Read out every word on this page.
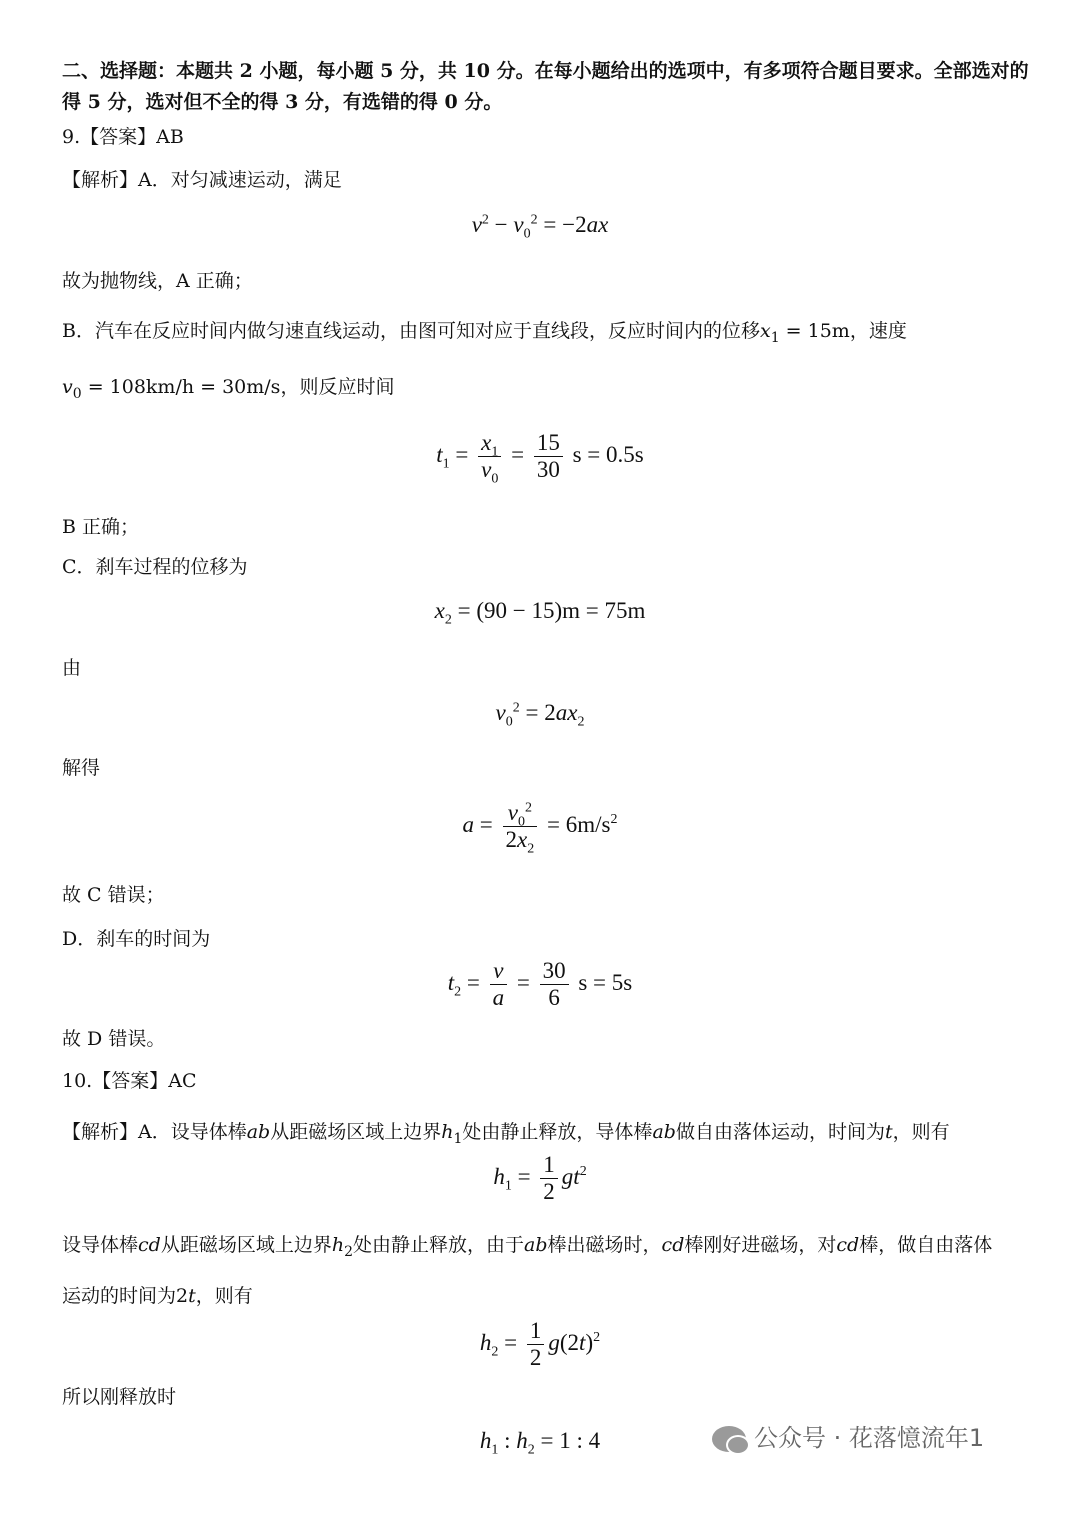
二、选择题：本题共 2 小题，每小题 5 分，共 10 分。在每小题给出的选项中，有多项符合题目要求。全部选对的
得 5 分，选对但不全的得 3 分，有选错的得 0 分。
9.【答案】AB
【解析】A．对匀减速运动，满足
$v^2 - v_0^2 = -2ax$
故为抛物线，A 正确；
B．汽车在反应时间内做匀速直线运动，由图可知对应于直线段，反应时间内的位移$x_1 = 15m$，速度
$v_0 = 108km/h = 30m/s$，则反应时间
$t_1 = \frac{x_1}{v_0} = \frac{15}{30}$ s = 0.5s
B 正确；
C．刹车过程的位移为
$x_2 = (90 - 15)m = 75m$
由
$v_0^2 = 2ax_2$
解得
$a = \frac{v_0^2}{2x_2} = 6m/s^2$
故 C 错误；
D．刹车的时间为
$t_2 = \frac{v}{a} = \frac{30}{6}$ s = 5s
故 D 错误。
10.【答案】AC
【解析】A．设导体棒ab从距磁场区域上边界$h_1$处由静止释放，导体棒ab做自由落体运动，时间为t，则有
$h_1 = \frac{1}{2} gt^2$
设导体棒cd从距磁场区域上边界$h_2$处由静止释放，由于ab棒出磁场时，cd棒刚好进磁场，对cd棒，做自由落体
运动的时间为2t，则有
$h_2 = \frac{1}{2} g(2t)^2$
所以刚释放时
$h_1$ : $h_2 = 1$ : 4	公众号 · 花落憶流年1
